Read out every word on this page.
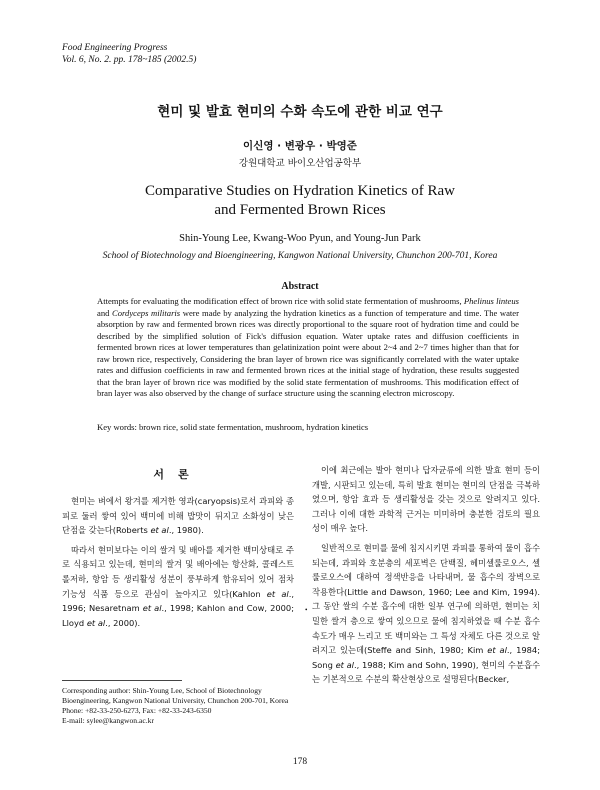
Food Engineering Progress
Vol. 6, No. 2. pp. 178~185 (2002.5)
현미 및 발효 현미의 수화 속도에 관한 비교 연구
이신영 · 변광우 · 박영준
강원대학교 바이오산업공학부
Comparative Studies on Hydration Kinetics of Raw
and Fermented Brown Rices
Shin-Young Lee, Kwang-Woo Pyun, and Young-Jun Park
School of Biotechnology and Bioengineering, Kangwon National University, Chunchon 200-701, Korea
Abstract
Attempts for evaluating the modification effect of brown rice with solid state fermentation of mushrooms, Phelinus linteus and Cordyceps militaris were made by analyzing the hydration kinetics as a function of temperature and time. The water absorption by raw and fermented brown rices was directly proportional to the square root of hydration time and could be described by the simplified solution of Fick's diffusion equation. Water uptake rates and diffusion coefficients in fermented brown rices at lower temperatures than gelatinization point were about 2~4 and 2~7 times higher than that for raw brown rice, respectively, Considering the bran layer of brown rice was significantly correlated with the water uptake rates and diffusion coefficients in raw and fermented brown rices at the initial stage of hydration, these results suggested that the bran layer of brown rice was modified by the solid state fermentation of mushrooms. This modification effect of bran layer was also observed by the change of surface structure using the scanning electron microscopy.
Key words: brown rice, solid state fermentation, mushroom, hydration kinetics
서론

현미는 벼에서 왕겨를 제거한 영과(caryopsis)로서 과피와 종피로 둘러 쌓여 있어 백미에 비해 밥맛이 뒤지고 소화성이 낮은 단점을 갖는다(Roberts et al., 1980).

따라서 현미보다는 이의 쌀겨 및 배아를 제거한 백미상태로 주로 식용되고 있는데, 현미의 쌀겨 및 배아에는 항산화, 콜레스트롤저하, 항암 등 생리활성 성분이 풍부하게 함유되어 있어 점차 기능성 식품 등으로 관심이 높아지고 있다(Kahlon et al., 1996; Nesaretnam et al., 1998; Kahlon and Cow, 2000; Lloyd et al., 2000).

이에 최근에는 발아 현미나 답자균류에 의한 발효 현미 등이 개발, 시판되고 있는데, 특히 발효 현미는 현미의 단점을 극복하였으며, 항암 효과 등 생리활성을 갖는 것으로 알려지고 있다. 그러나 이에 대한 과학적 근거는 미미하며 충분한 검토의 필요성이 매우 높다.

일반적으로 현미를 물에 침지시키면 과피를 통하여 물이 흡수되는데, 과피와 호분층의 세포벽은 단백질, 헤미셀룰로오스, 셀룰로오스에 대하여 정색반응을 나타내며, 물 흡수의 장벽으로 작용한다(Little and Dawson, 1960; Lee and Kim, 1994). 그 동안 쌀의 수분 흡수에 대한 일부 연구에 의하면, 현미는 치밀한 쌀겨 층으로 쌓여 있으므로 물에 침지하였을 때 수분 흡수속도가 매우 느리고 또 백미와는 그 특성 자체도 다른 것으로 알려지고 있는데(Steffe and Sinh, 1980; Kim et al., 1984; Song et al., 1988; Kim and Sohn, 1990), 현미의 수분흡수는 기본적으로 수분의 확산현상으로 설명된다(Becker,

•
Corresponding author: Shin-Young Lee, School of Biotechnology Bioengineering, Kangwon National University, Chunchon 200-701, Korea
Phone: +82-33-250-6273, Fax: +82-33-243-6350
E-mail: sylee@kangwon.ac.kr
178
